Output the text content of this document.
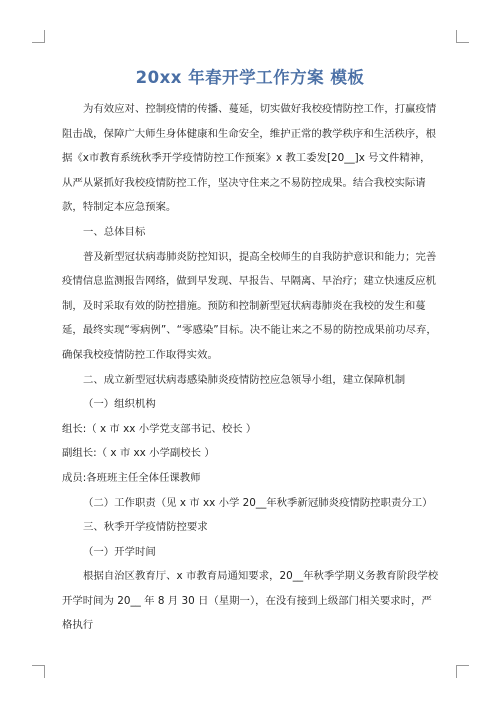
20xx 年春开学工作方案 模板

为有效应对、控制疫情的传播、蔓延，切实做好我校疫情防控工作，打赢疫情阻击战，保障广大师生身体健康和生命安全，维护正常的教学秩序和生活秩序，根据《x市教育系统秋季开学疫情防控工作预案》x 教工委发[20__]x 号文件精神，从严从紧抓好我校疫情防控工作，坚决守住来之不易防控成果。结合我校实际请款，特制定本应急预案。

一、总体目标

普及新型冠状病毒肺炎防控知识，提高全校师生的自我防护意识和能力；完善疫情信息监测报告网络，做到早发现、早报告、早隔离、早治疗；建立快速反应机制，及时采取有效的防控措施。预防和控制新型冠状病毒肺炎在我校的发生和蔓延，最终实现“零病例”、“零感染”目标。决不能让来之不易的防控成果前功尽弃，确保我校疫情防控工作取得实效。

二、成立新型冠状病毒感染肺炎疫情防控应急领导小组，建立保障机制

（一）组织机构

组长:（ x 市 xx 小学党支部书记、校长 ）

副组长:（ x 市 xx 小学副校长 ）

成员:各班班主任全体任课教师

（二）工作职责（见 x 市 xx 小学 20__年秋季新冠肺炎疫情防控职责分工）

三、秋季开学疫情防控要求

（一）开学时间

根据自治区教育厅、x 市教育局通知要求，20__年秋季学期义务教育阶段学校开学时间为 20__ 年 8 月 30 日（星期一），在没有接到上级部门相关要求时，严格执行
